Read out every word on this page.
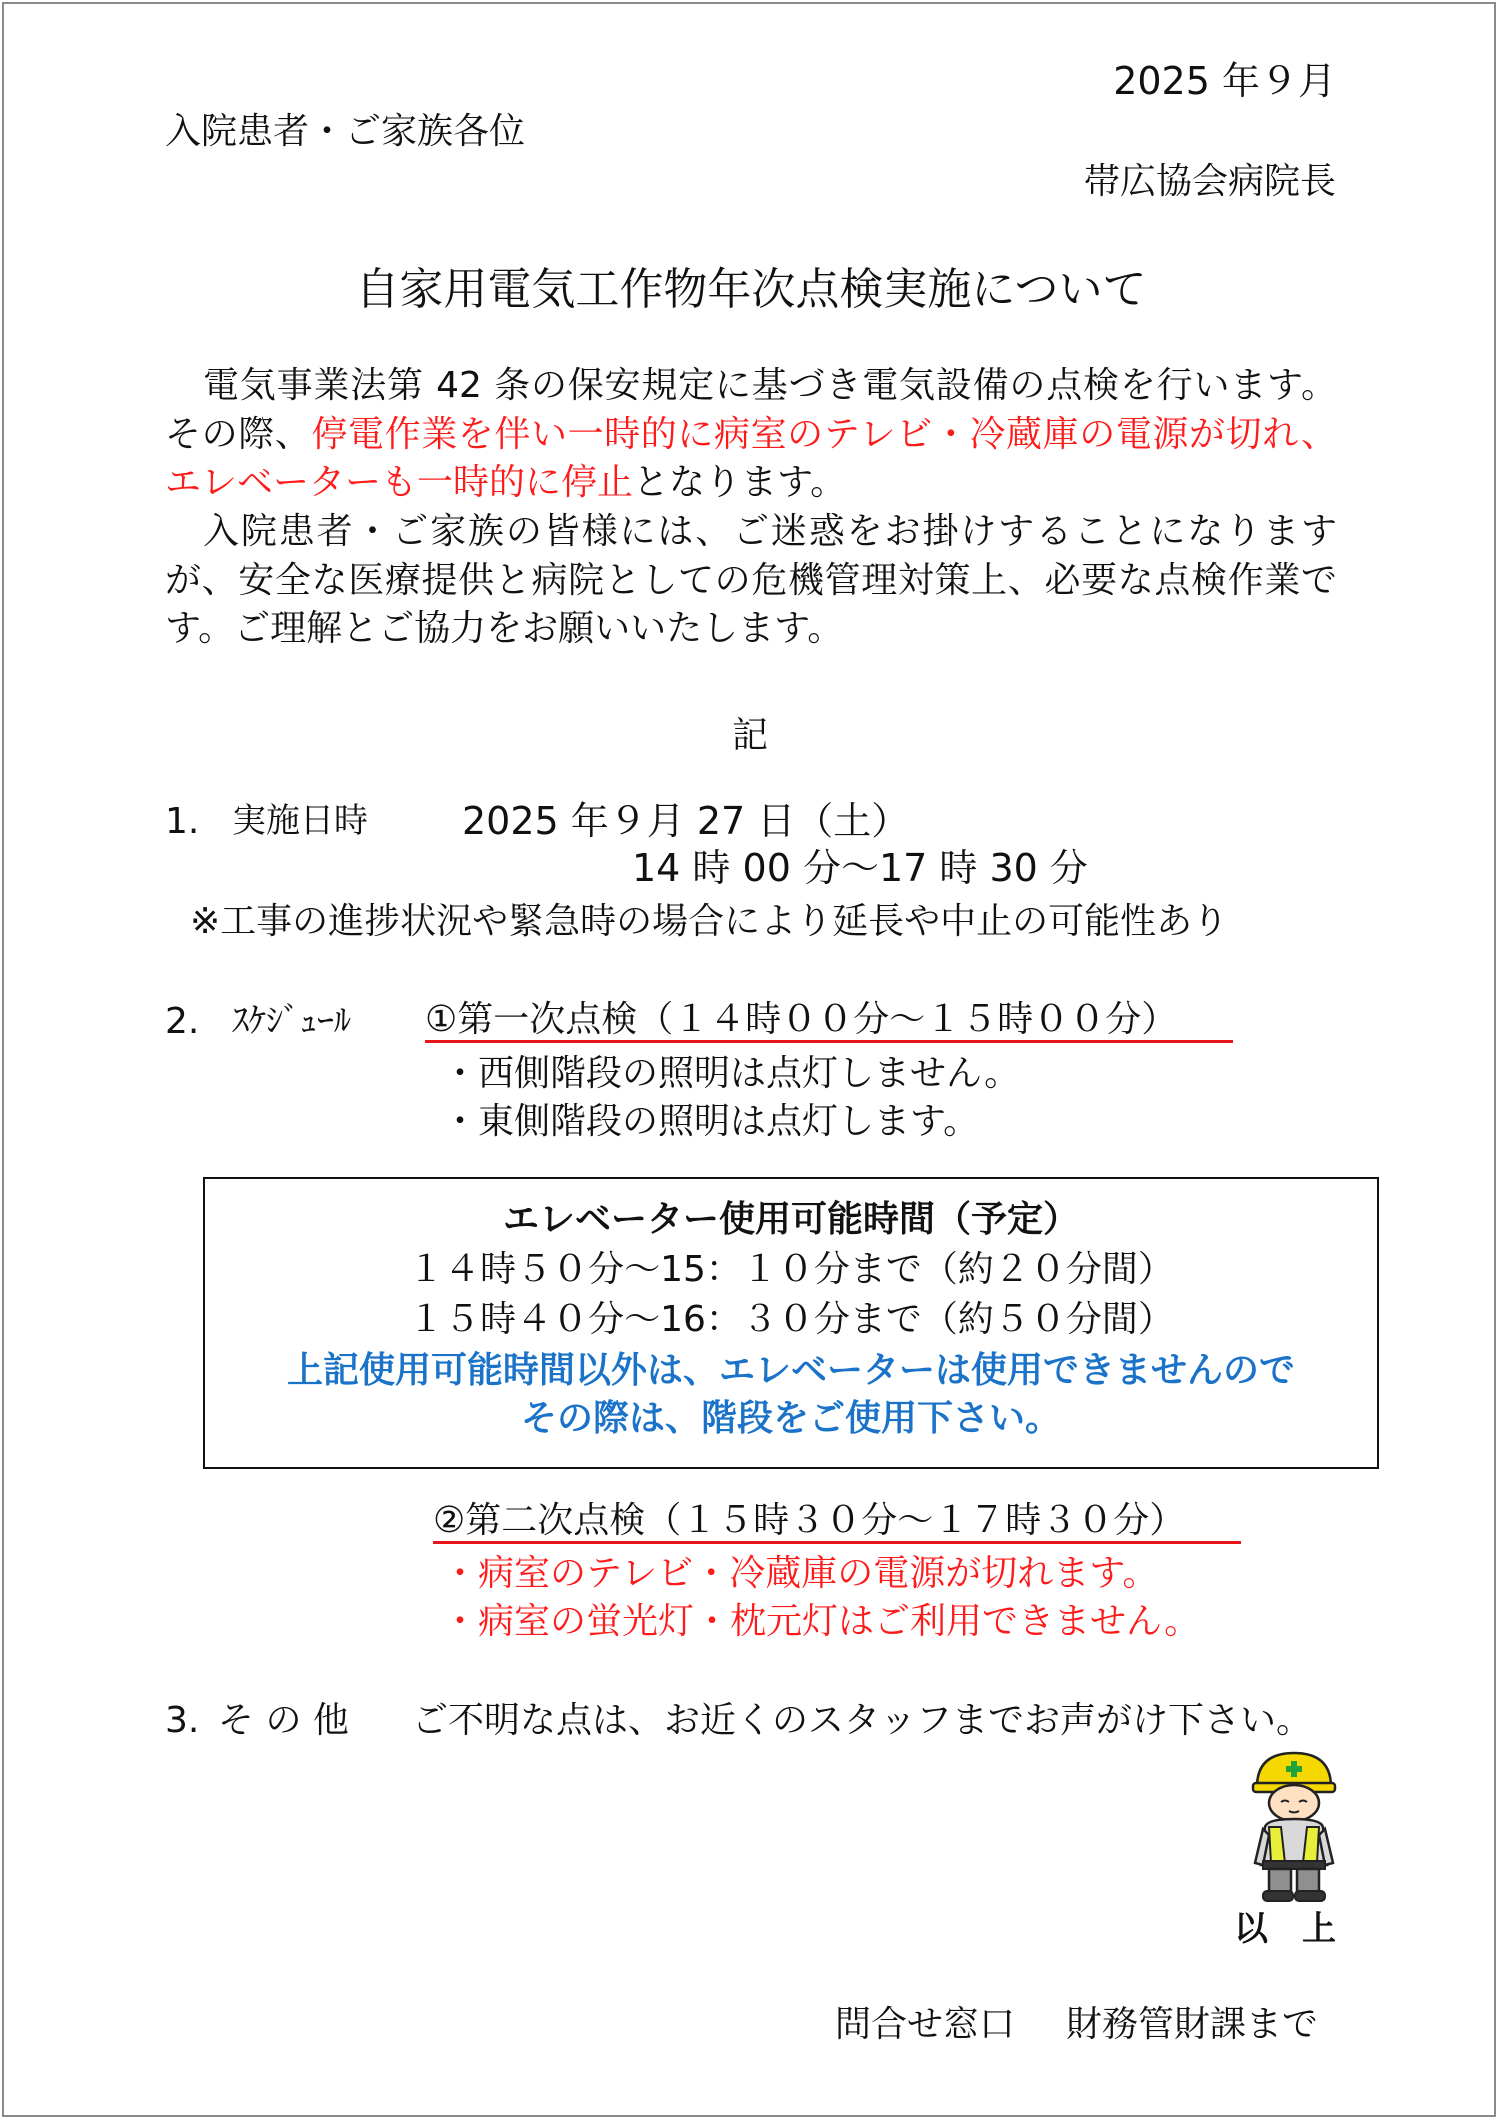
2025 年９月
入院患者・ご家族各位
帯広協会病院長
自家用電気工作物年次点検実施について
電気事業法第 42 条の保安規定に基づき電気設備の点検を行います。その際、停電作業を伴い一時的に病室のテレビ・冷蔵庫の電源が切れ、エレベーターも一時的に停止となります。
入院患者・ご家族の皆様には、ご迷惑をお掛けすることになりますが、安全な医療提供と病院としての危機管理対策上、必要な点検作業です。ご理解とご協力をお願いいたします。
記
1. 実施日時 2025 年９月 27 日（土）
14 時 00 分～17 時 30 分
※工事の進捗状況や緊急時の場合により延長や中止の可能性あり
2. ｽｹｼﾞｭｰﾙ ①第一次点検（１４時００分～１５時００分）
・西側階段の照明は点灯しません。
・東側階段の照明は点灯します。
エレベーター使用可能時間（予定）
１４時５０分～15：１０分まで（約２０分間）
１５時４０分～16：３０分まで（約５０分間）
上記使用可能時間以外は、エレベーターは使用できませんので
その際は、階段をご使用下さい。
②第二次点検（１５時３０分～１７時３０分）
・病室のテレビ・冷蔵庫の電源が切れます。
・病室の蛍光灯・枕元灯はご利用できません。
3. そ の 他 ご不明な点は、お近くのスタッフまでお声がけ下さい。
以　上
問合せ窓口 財務管財課まで
